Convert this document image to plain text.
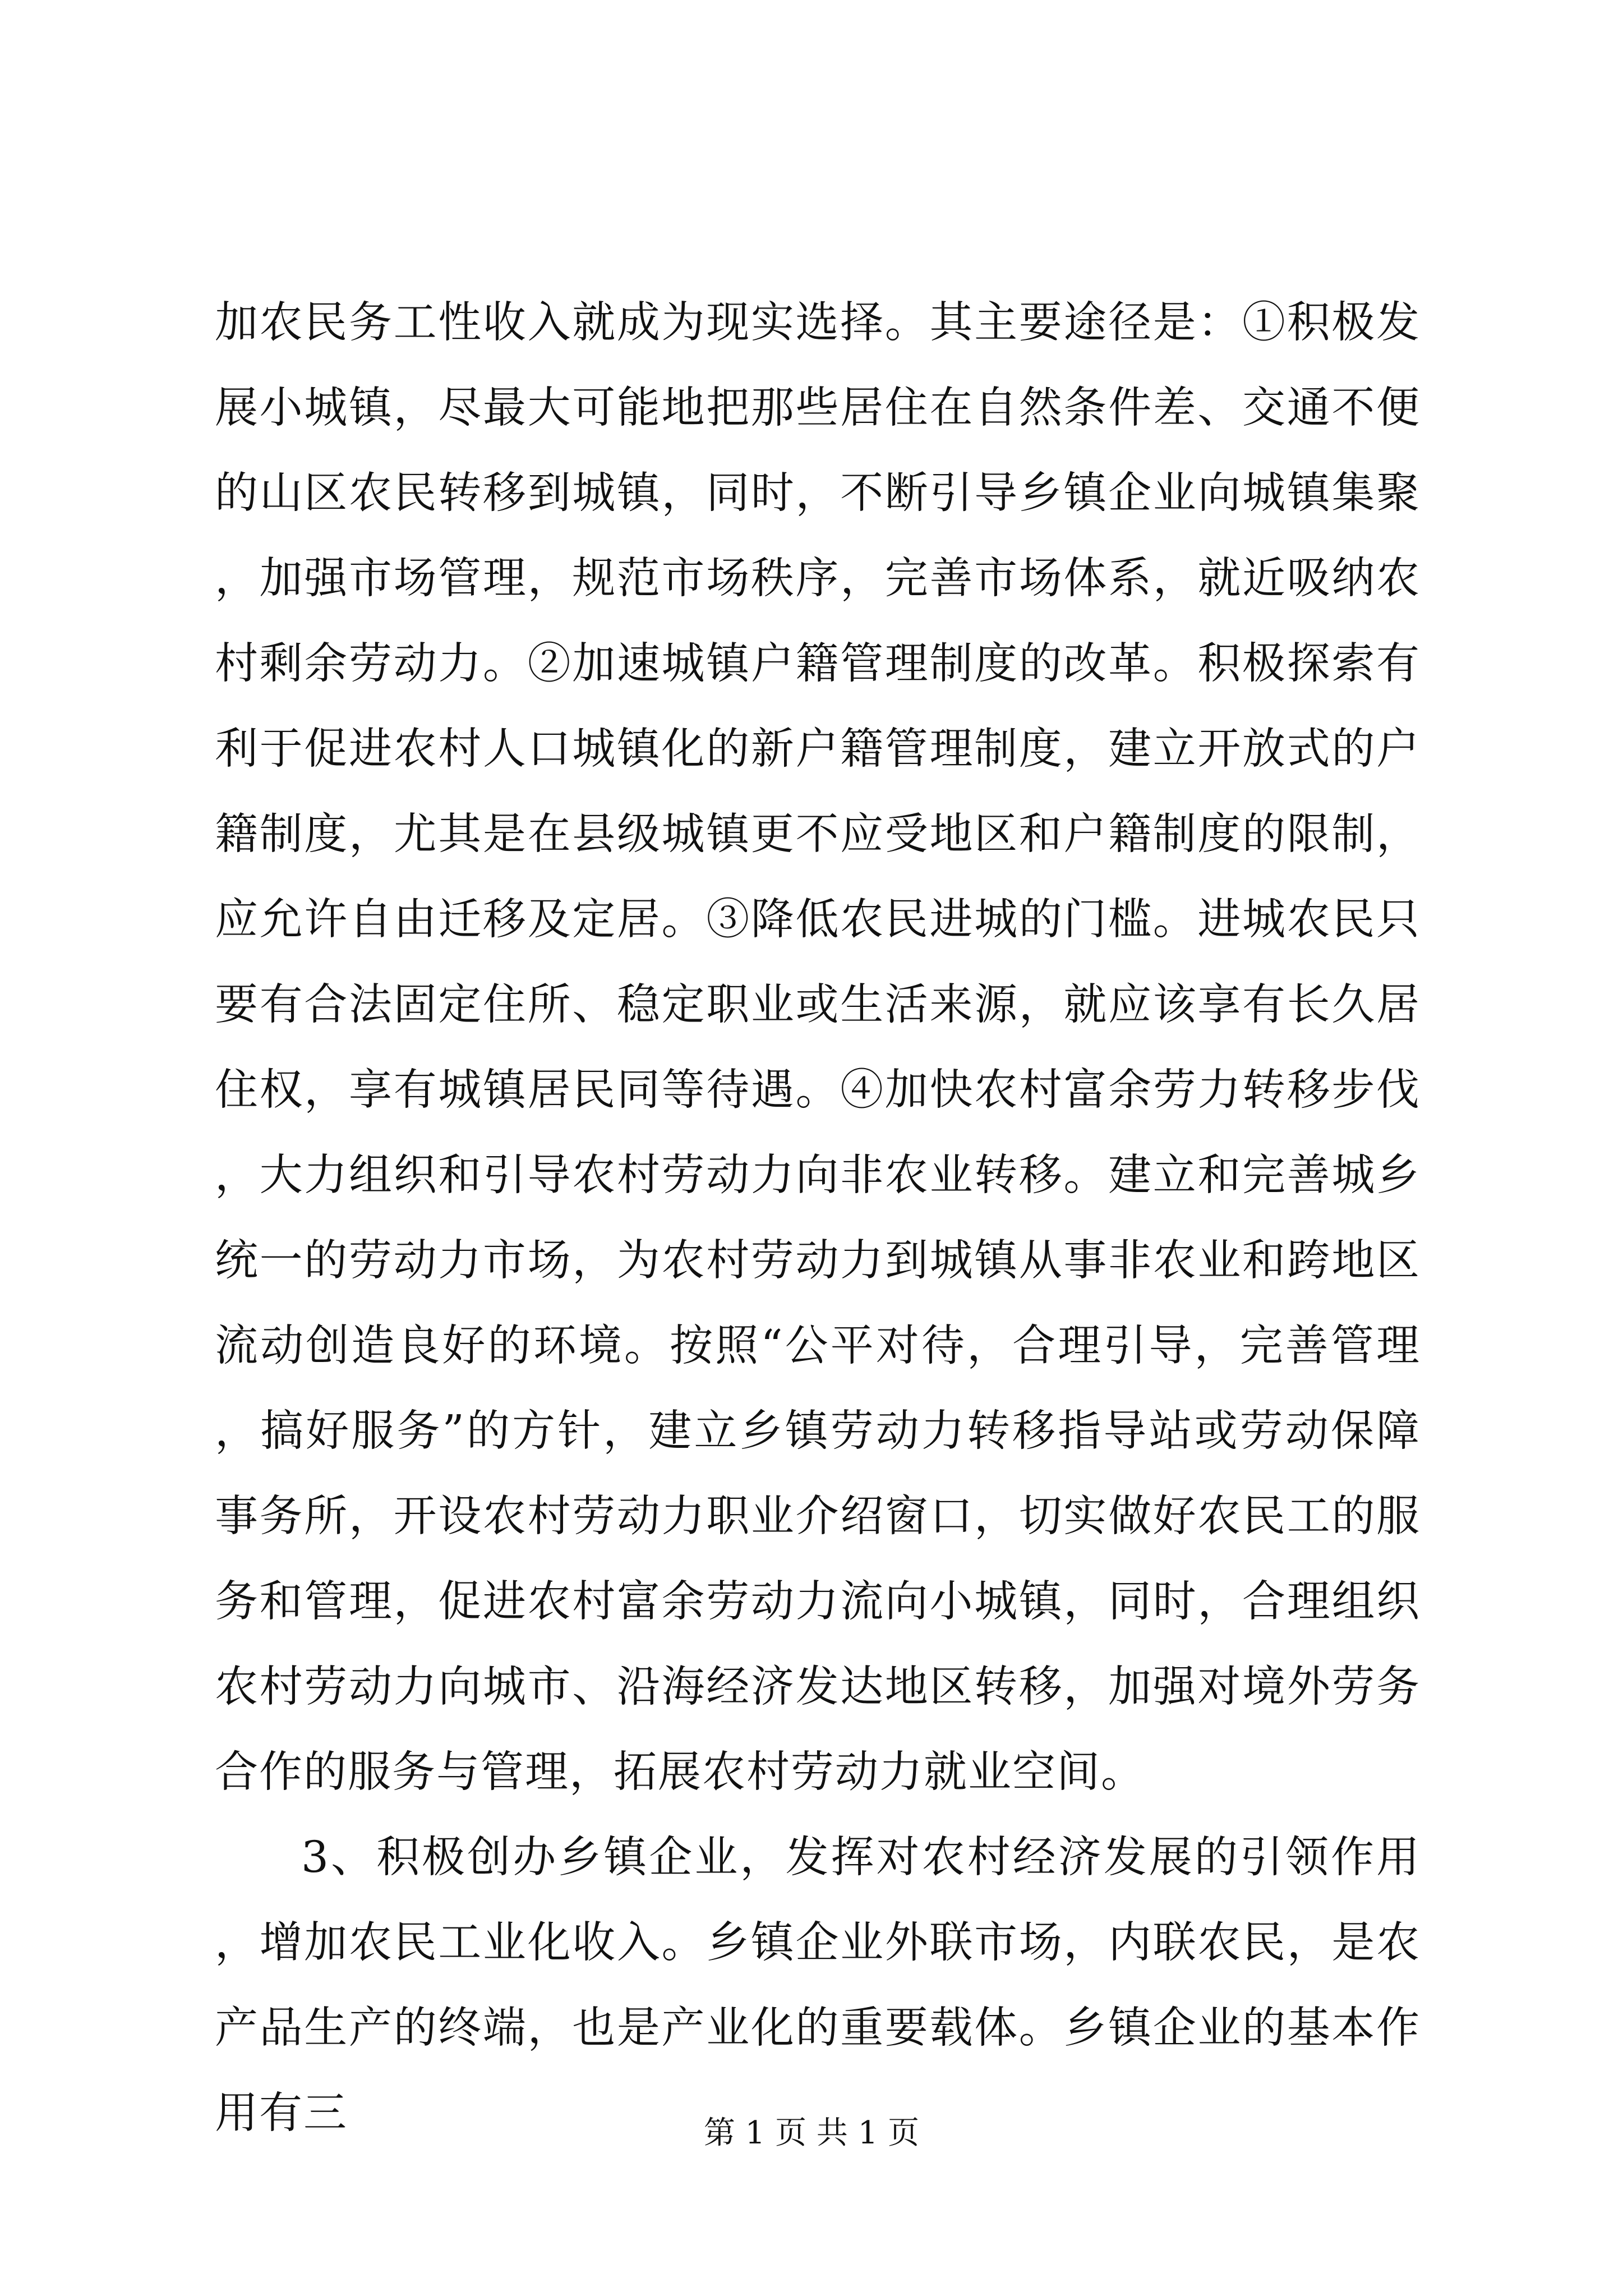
加农民务工性收入就成为现实选择。其主要途径是：①积极发展小城镇，尽最大可能地把那些居住在自然条件差、交通不便的山区农民转移到城镇，同时，不断引导乡镇企业向城镇集聚，加强市场管理，规范市场秩序，完善市场体系，就近吸纳农村剩余劳动力。②加速城镇户籍管理制度的改革。积极探索有利于促进农村人口城镇化的新户籍管理制度，建立开放式的户籍制度，尤其是在县级城镇更不应受地区和户籍制度的限制，应允许自由迁移及定居。③降低农民进城的门槛。进城农民只要有合法固定住所、稳定职业或生活来源，就应该享有长久居住权，享有城镇居民同等待遇。④加快农村富余劳力转移步伐，大力组织和引导农村劳动力向非农业转移。建立和完善城乡统一的劳动力市场，为农村劳动力到城镇从事非农业和跨地区流动创造良好的环境。按照“公平对待，合理引导，完善管理，搞好服务”的方针，建立乡镇劳动力转移指导站或劳动保障事务所，开设农村劳动力职业介绍窗口，切实做好农民工的服务和管理，促进农村富余劳动力流向小城镇，同时，合理组织农村劳动力向城市、沿海经济发达地区转移，加强对境外劳务合作的服务与管理，拓展农村劳动力就业空间。

3、积极创办乡镇企业，发挥对农村经济发展的引领作用，增加农民工业化收入。乡镇企业外联市场，内联农民，是农产品生产的终端，也是产业化的重要载体。乡镇企业的基本作用有三	第 1 页 共 1 页
